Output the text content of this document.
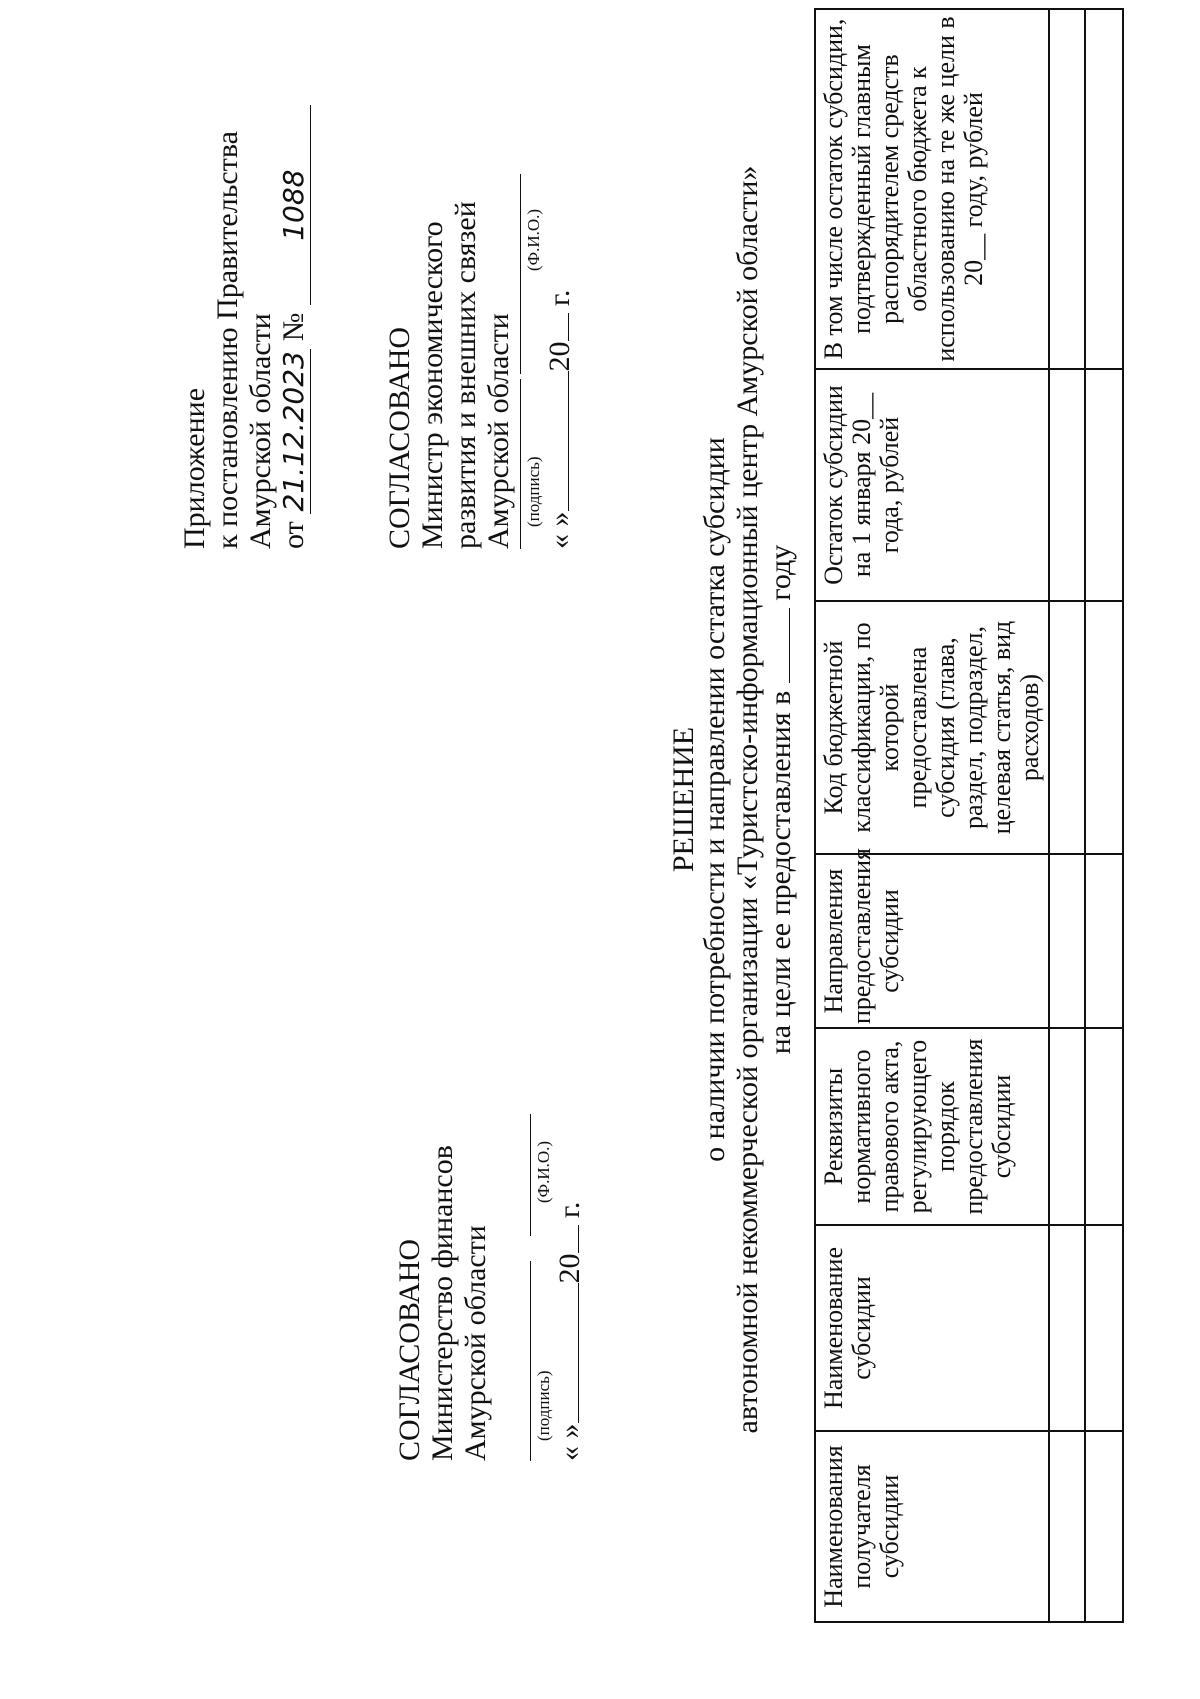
Приложение к постановлению Правительства Амурской области от 21.12.2023 № 1088
СОГЛАСОВАНО Министерство финансов Амурской области (подпись)
(Ф.И.О.)
« »20 г.
СОГЛАСОВАНО Министр экономического развития и внешних связей Амурской области (подпись)
(Ф.И.О.)
« »20 г.
РЕШЕНИЕ
о наличии потребности и направлении остатка субсидии автономной некоммерческой организации «Туристско-информационный центр Амурской области» на цели ее предоставления в  году
Наименования получателя субсидии	Наименование субсидии	Реквизиты нормативного правового акта, регулирующего порядок предоставления субсидии	Направления предоставления субсидии	Код бюджетной классификации, по которой предоставлена субсидия (глава, раздел, подраздел, целевая статья, вид расходов)	Остаток субсидии на 1 января 20__ года, рублей	В том числе остаток субсидии, подтвержденный главным распорядителем средств областного бюджета к использованию на те же цели в 20__ году, рублей
